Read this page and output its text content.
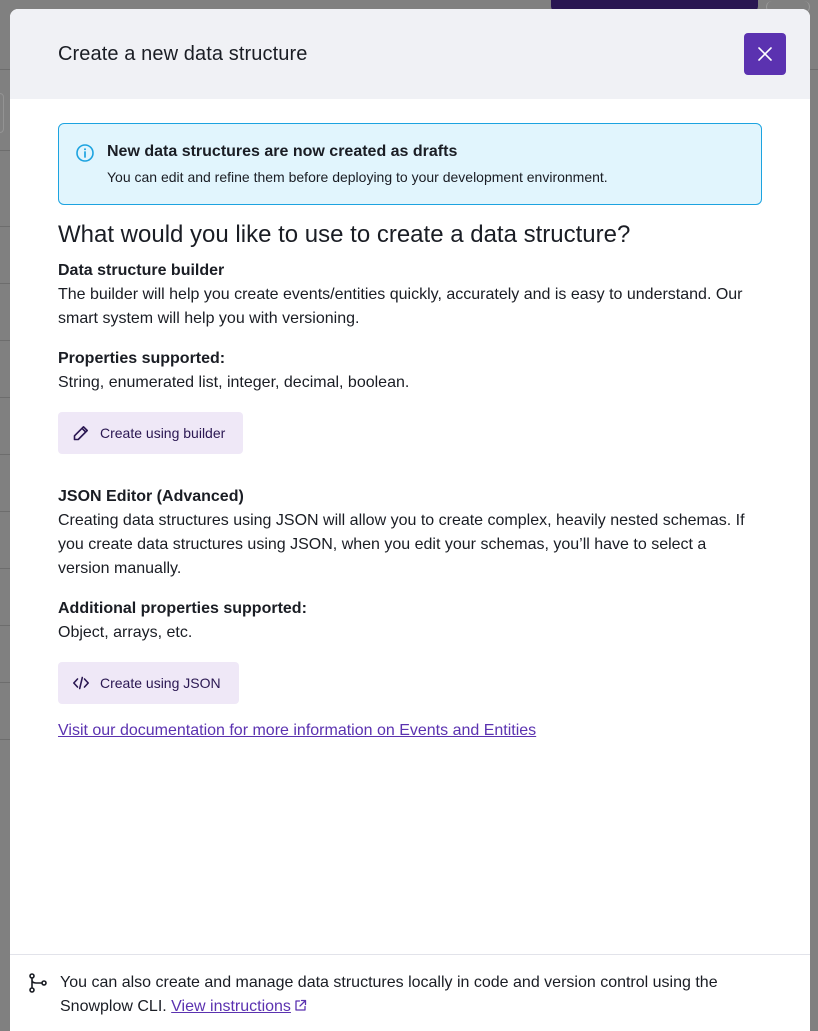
Create a new data structure
New data structures are now created as drafts
You can edit and refine them before deploying to your development environment.
What would you like to use to create a data structure?
Data structure builder

The builder will help you create events/entities quickly, accurately and is easy to understand. Our smart system will help you with versioning.

Properties supported:

String, enumerated list, integer, decimal, boolean.

Create using builder
JSON Editor (Advanced)

Creating data structures using JSON will allow you to create complex, heavily nested schemas. If you create data structures using JSON, when you edit your schemas, you’ll have to select a version manually.

Additional properties supported:

Object, arrays, etc.

Create using JSON
Visit our documentation for more information on Events and Entities

You can also create and manage data structures locally in code and version control using the Snowplow CLI. View instructions
